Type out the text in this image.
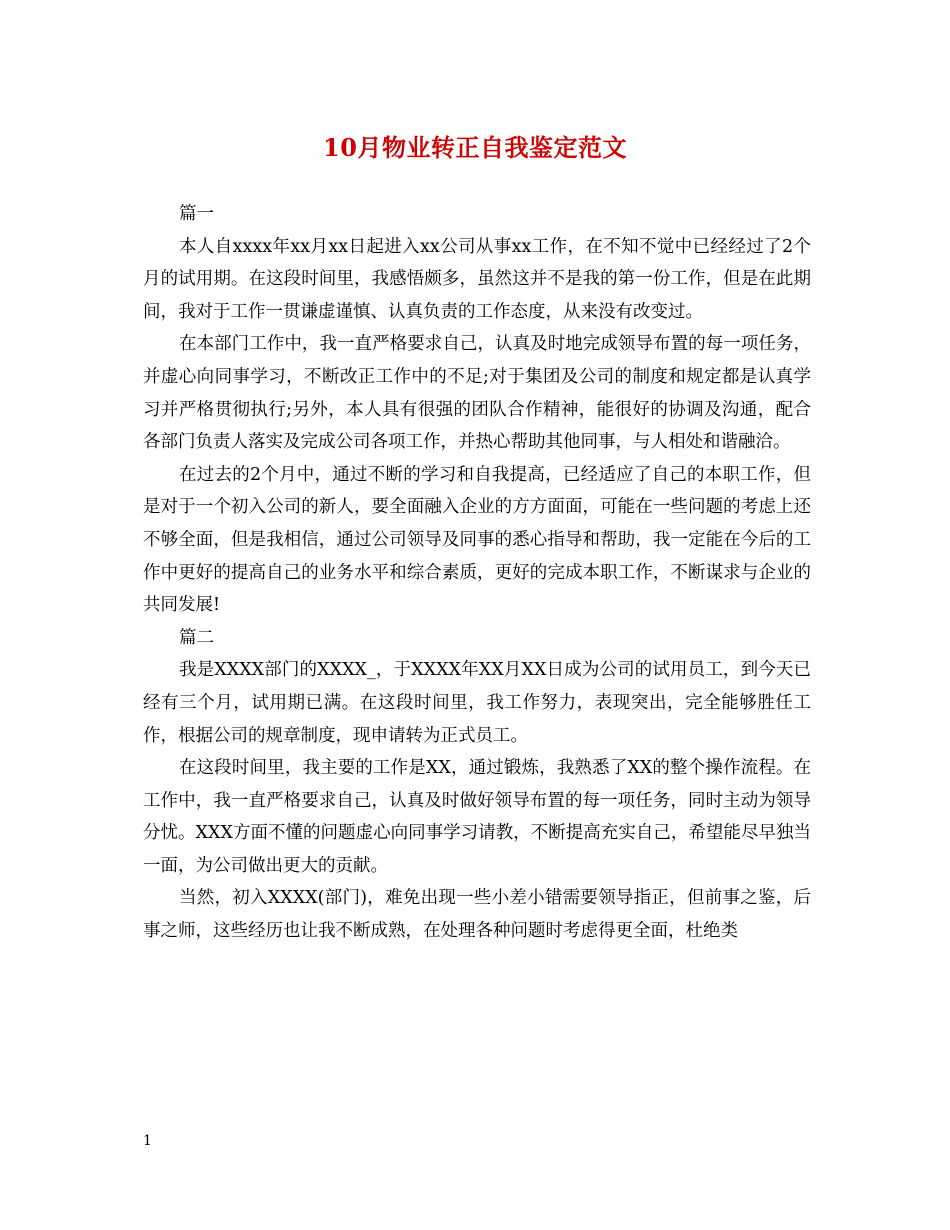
10月物业转正自我鉴定范文

篇一

本人自xxxx年xx月xx日起进入xx公司从事xx工作，在不知不觉中已经经过了2个月的试用期。在这段时间里，我感悟颇多，虽然这并不是我的第一份工作，但是在此期间，我对于工作一贯谦虚谨慎、认真负责的工作态度，从来没有改变过。

在本部门工作中，我一直严格要求自己，认真及时地完成领导布置的每一项任务，并虚心向同事学习，不断改正工作中的不足;对于集团及公司的制度和规定都是认真学习并严格贯彻执行;另外，本人具有很强的团队合作精神，能很好的协调及沟通，配合各部门负责人落实及完成公司各项工作，并热心帮助其他同事，与人相处和谐融洽。

在过去的2个月中，通过不断的学习和自我提高，已经适应了自己的本职工作，但是对于一个初入公司的新人，要全面融入企业的方方面面，可能在一些问题的考虑上还不够全面，但是我相信，通过公司领导及同事的悉心指导和帮助，我一定能在今后的工作中更好的提高自己的业务水平和综合素质，更好的完成本职工作，不断谋求与企业的共同发展!

篇二

我是XXXX部门的XXXX_，于XXXX年XX月XX日成为公司的试用员工，到今天已经有三个月，试用期已满。在这段时间里，我工作努力，表现突出，完全能够胜任工作，根据公司的规章制度，现申请转为正式员工。

在这段时间里，我主要的工作是XX，通过锻炼，我熟悉了XX的整个操作流程。在工作中，我一直严格要求自己，认真及时做好领导布置的每一项任务，同时主动为领导分忧。XXX方面不懂的问题虚心向同事学习请教，不断提高充实自己，希望能尽早独当一面，为公司做出更大的贡献。

当然，初入XXXX(部门)，难免出现一些小差小错需要领导指正，但前事之鉴，后事之师，这些经历也让我不断成熟，在处理各种问题时考虑得更全面，杜绝类

1
